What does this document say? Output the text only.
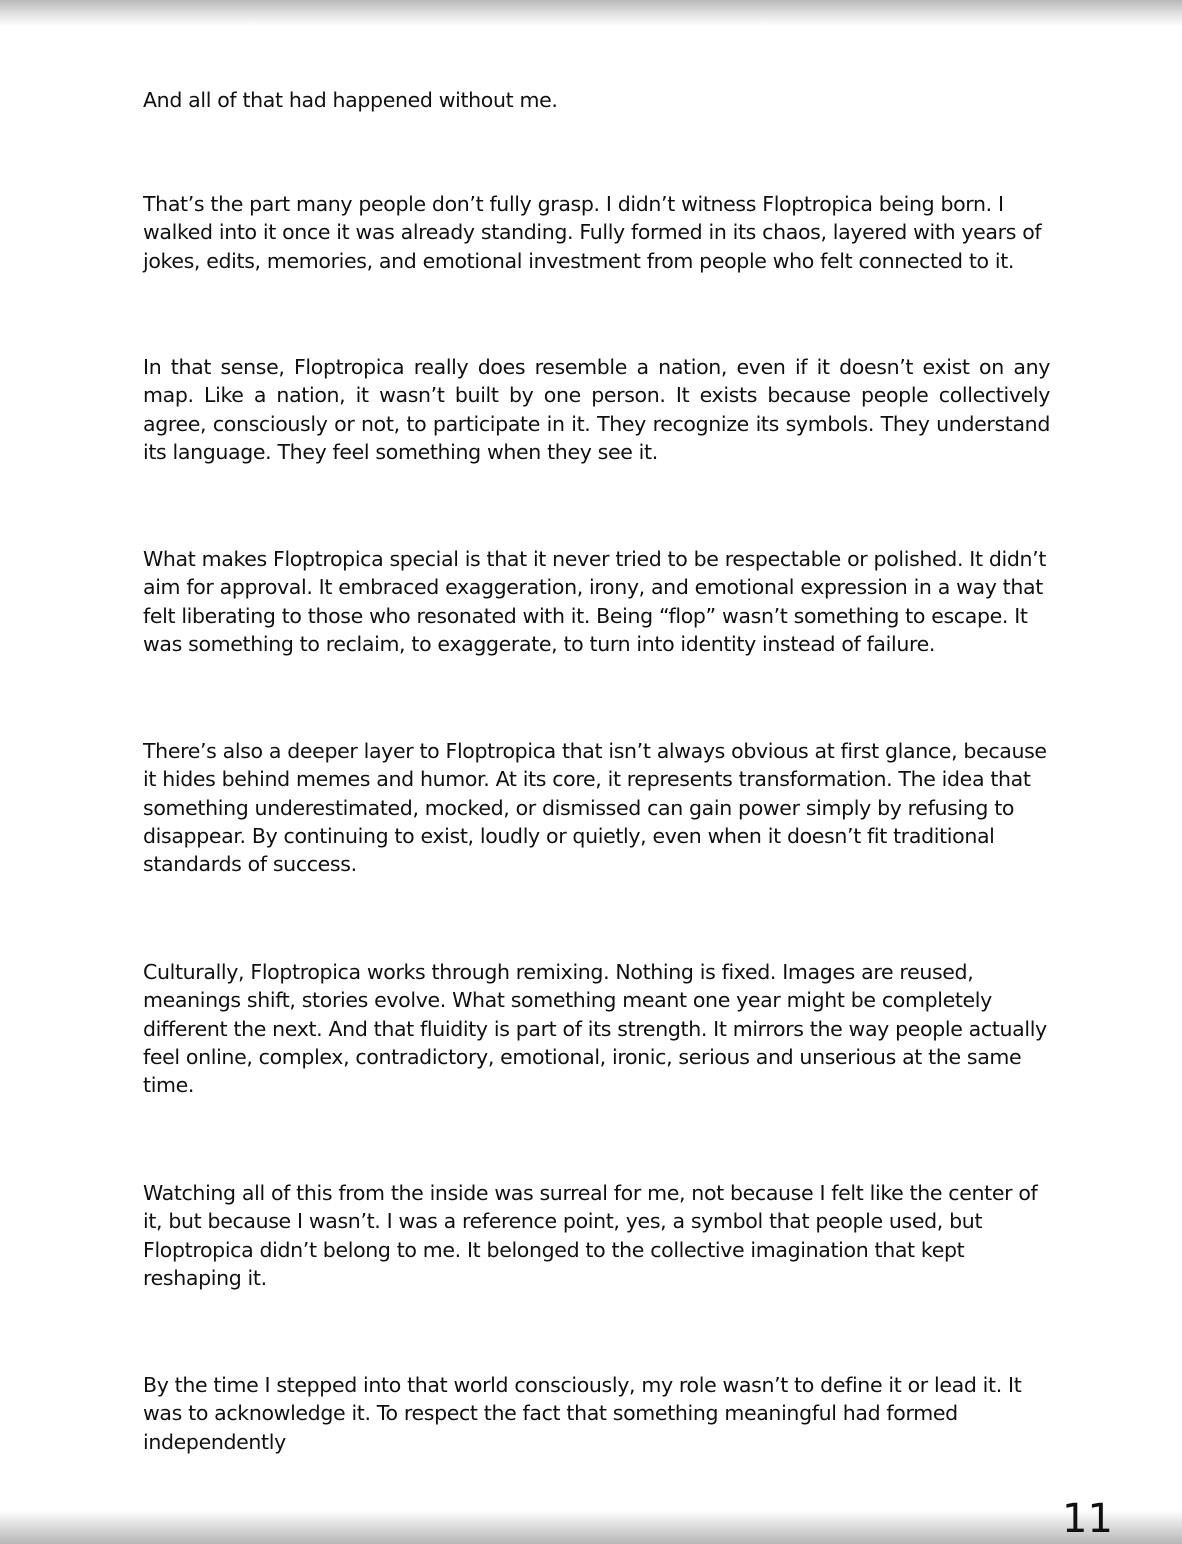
And all of that had happened without me.

That’s the part many people don’t fully grasp. I didn’t witness Floptropica being born. I walked into it once it was already standing. Fully formed in its chaos, layered with years of jokes, edits, memories, and emotional investment from people who felt connected to it.

In that sense, Floptropica really does resemble a nation, even if it doesn’t exist on any map. Like a nation, it wasn’t built by one person. It exists because people collectively agree, consciously or not, to participate in it. They recognize its symbols. They understand its language. They feel something when they see it.

What makes Floptropica special is that it never tried to be respectable or polished. It didn’t aim for approval. It embraced exaggeration, irony, and emotional expression in a way that felt liberating to those who resonated with it. Being “flop” wasn’t something to escape. It was something to reclaim, to exaggerate, to turn into identity instead of failure.

There’s also a deeper layer to Floptropica that isn’t always obvious at first glance, because it hides behind memes and humor. At its core, it represents transformation. The idea that something underestimated, mocked, or dismissed can gain power simply by refusing to disappear. By continuing to exist, loudly or quietly, even when it doesn’t fit traditional standards of success.

Culturally, Floptropica works through remixing. Nothing is fixed. Images are reused, meanings shift, stories evolve. What something meant one year might be completely different the next. And that fluidity is part of its strength. It mirrors the way people actually feel online, complex, contradictory, emotional, ironic, serious and unserious at the same time.

Watching all of this from the inside was surreal for me, not because I felt like the center of it, but because I wasn’t. I was a reference point, yes, a symbol that people used, but Floptropica didn’t belong to me. It belonged to the collective imagination that kept reshaping it.

By the time I stepped into that world consciously, my role wasn’t to define it or lead it. It was to acknowledge it. To respect the fact that something meaningful had formed independently

11
